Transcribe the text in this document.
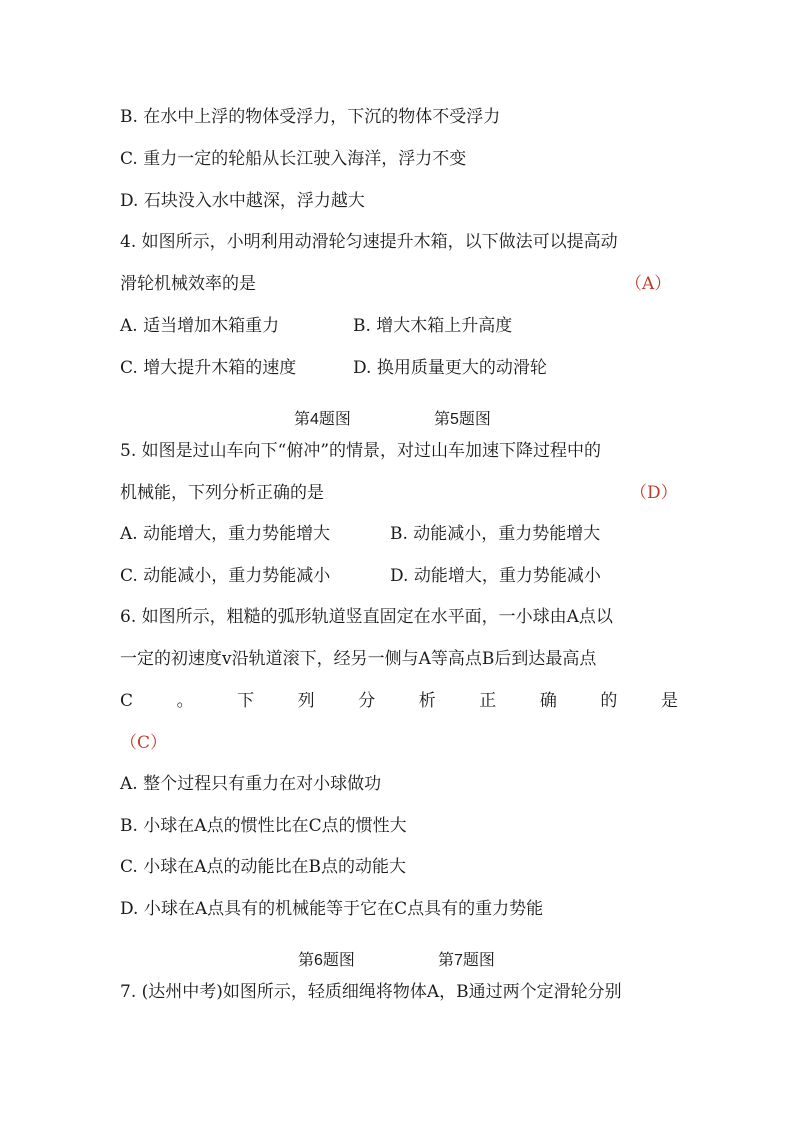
B. 在水中上浮的物体受浮力，下沉的物体不受浮力
C. 重力一定的轮船从长江驶入海洋，浮力不变
D. 石块没入水中越深，浮力越大
4. 如图所示，小明利用动滑轮匀速提升木箱，以下做法可以提高动
滑轮机械效率的是	（A）
A. 适当增加木箱重力	B. 增大木箱上升高度
C. 增大提升木箱的速度	D. 换用质量更大的动滑轮
第4题图	第5题图
5. 如图是过山车向下“俯冲”的情景，对过山车加速下降过程中的
机械能，下列分析正确的是	（D）
A. 动能增大，重力势能增大	B. 动能减小，重力势能增大
C. 动能减小，重力势能减小	D. 动能增大，重力势能减小
6. 如图所示，粗糙的弧形轨道竖直固定在水平面，一小球由A点以
一定的初速度v沿轨道滚下，经另一侧与A等高点B后到达最高点
C	。	下	列	分	析	正	确	的	是
（C）
A. 整个过程只有重力在对小球做功
B. 小球在A点的惯性比在C点的惯性大
C. 小球在A点的动能比在B点的动能大
D. 小球在A点具有的机械能等于它在C点具有的重力势能
第6题图	第7题图
7. (达州中考)如图所示，轻质细绳将物体A，B通过两个定滑轮分别
